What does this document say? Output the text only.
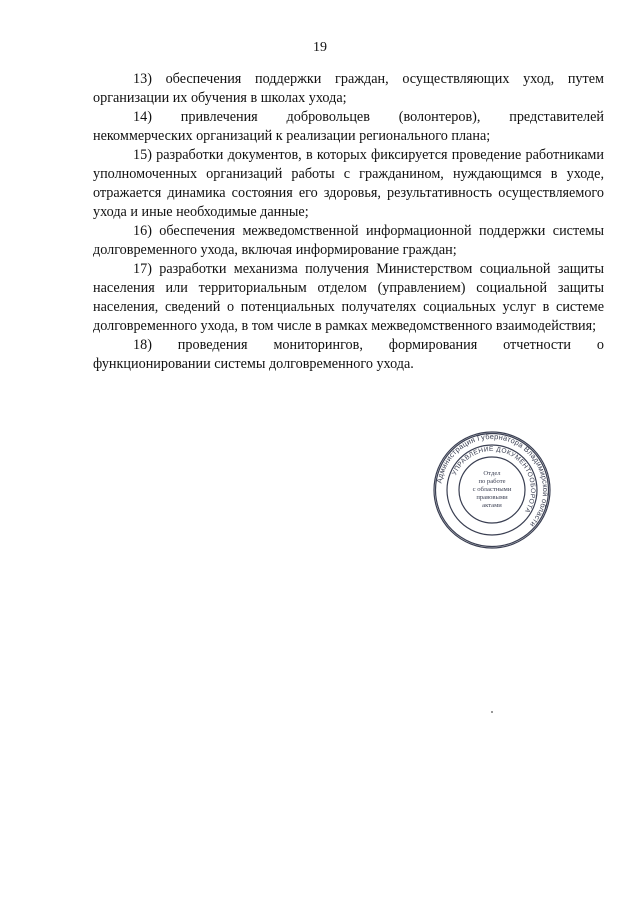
19

13) обеспечения поддержки граждан, осуществляющих уход, путем организации их обучения в школах ухода;

14) привлечения добровольцев (волонтеров), представителей некоммерческих организаций к реализации регионального плана;

15) разработки документов, в которых фиксируется проведение работниками уполномоченных организаций работы с гражданином, нуждающимся в уходе, отражается динамика состояния его здоровья, результативность осуществляемого ухода и иные необходимые данные;

16) обеспечения межведомственной информационной поддержки системы долговременного ухода, включая информирование граждан;

17) разработки механизма получения Министерством социальной защиты населения или территориальным отделом (управлением) социальной защиты населения, сведений о потенциальных получателях социальных услуг в системе долговременного ухода, в том числе в рамках межведомственного взаимодействия;

18) проведения мониторингов, формирования отчетности о функционировании системы долговременного ухода.

Администрация Губернатора Владимирской области
УПРАВЛЕНИЕ ДОКУМЕНТООБОРОТА
Отдел
по работе
с областными
правовыми
актами
